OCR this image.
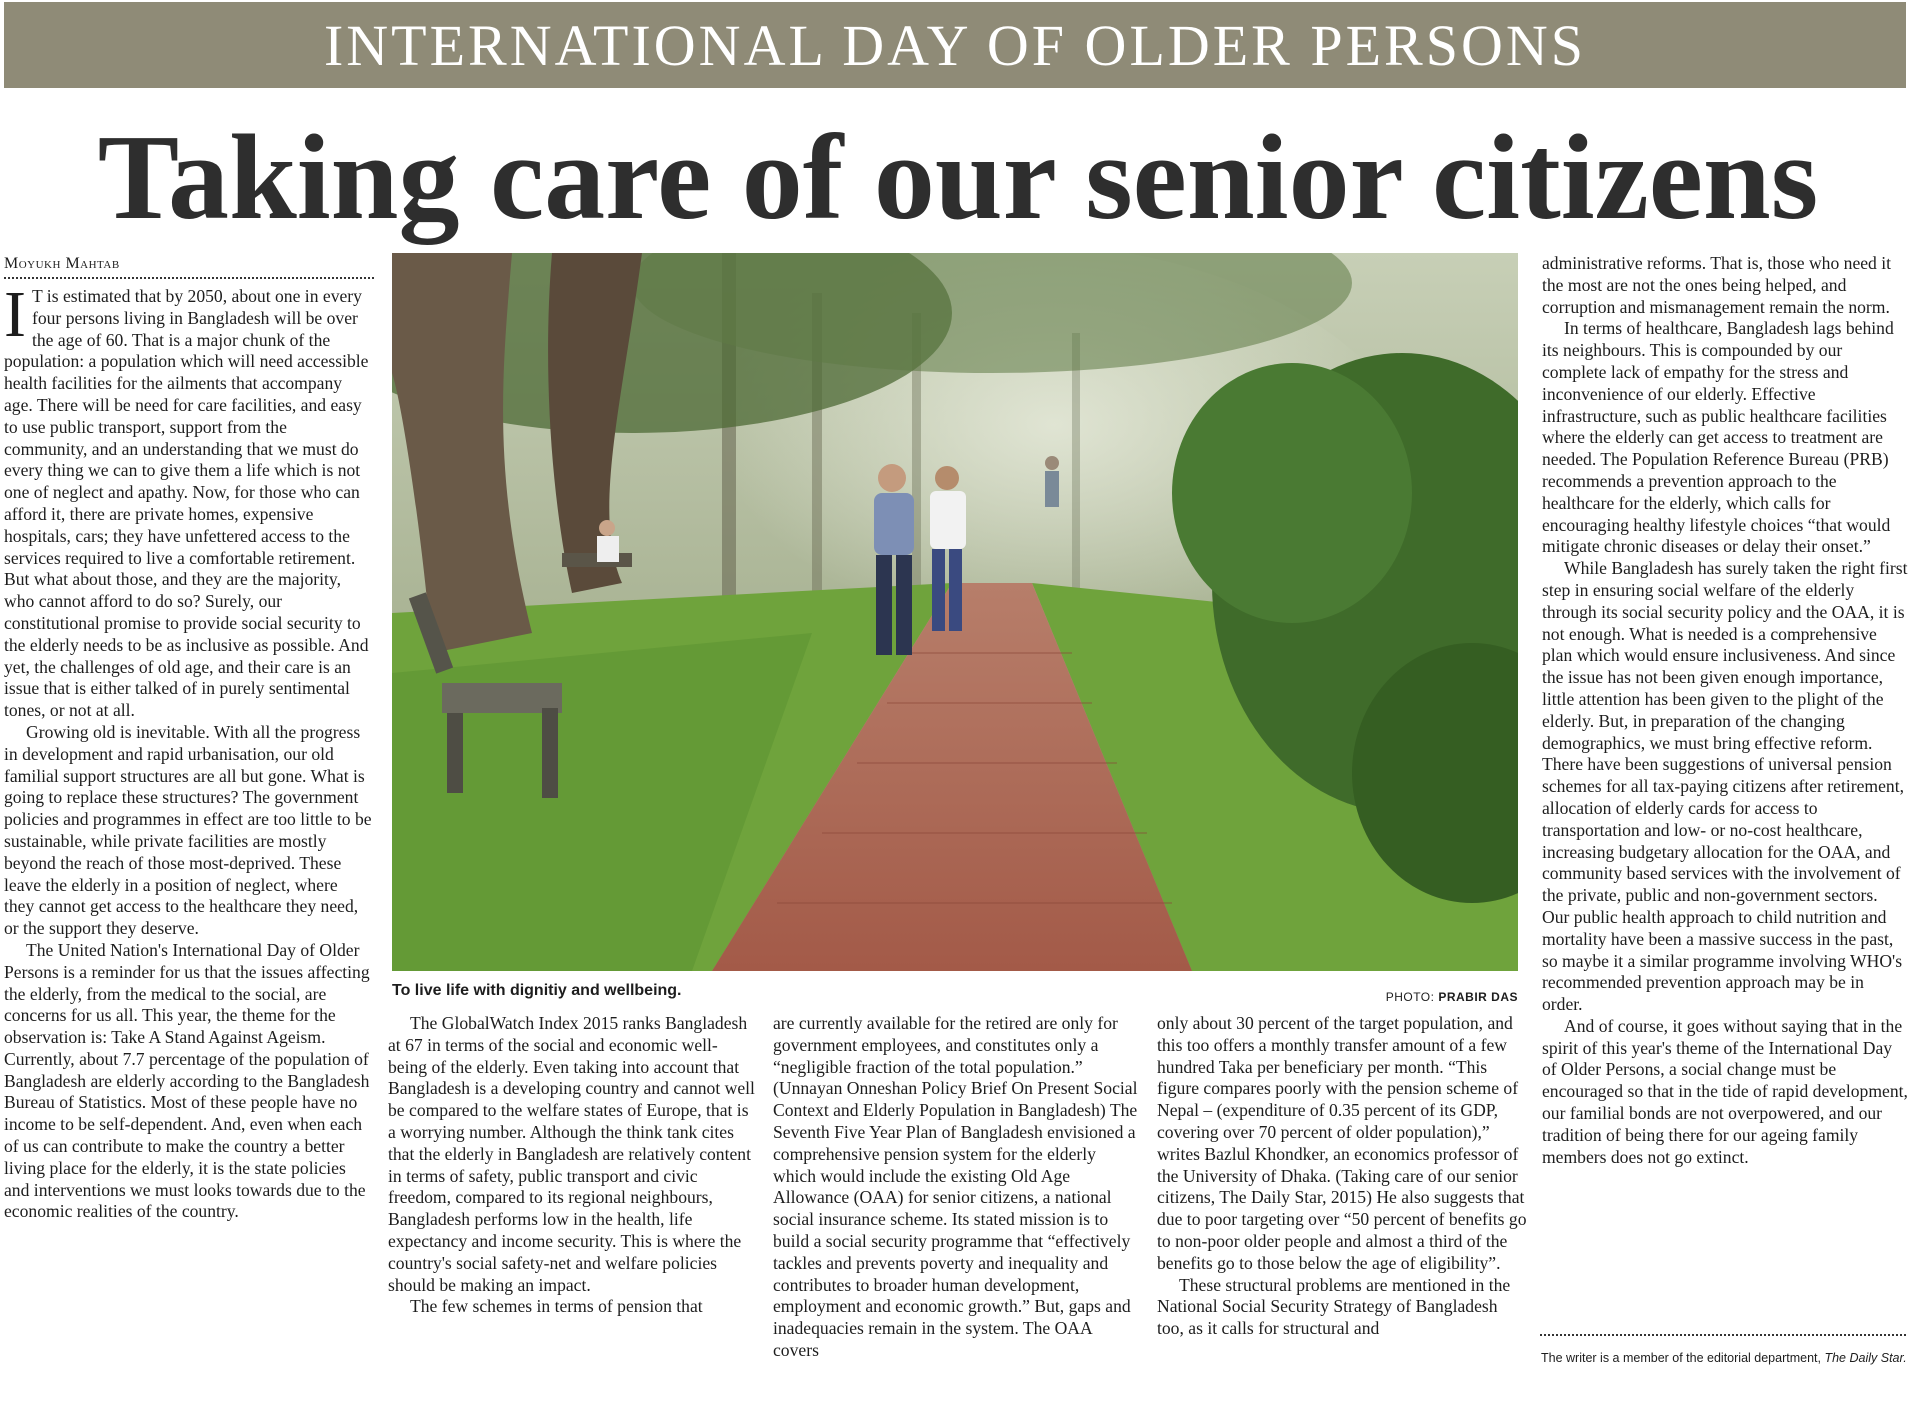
INTERNATIONAL DAY OF OLDER PERSONS
Taking care of our senior citizens
Moyukh Mahtab

I T is estimated that by 2050, about one in every four persons living in Bangladesh will be over the age of 60. That is a major chunk of the population: a population which will need accessible health facilities for the ailments that accompany age. There will be need for care facilities, and easy to use public transport, support from the community, and an understanding that we must do every thing we can to give them a life which is not one of neglect and apathy. Now, for those who can afford it, there are private homes, expensive hospitals, cars; they have unfettered access to the services required to live a comfortable retirement. But what about those, and they are the majority, who cannot afford to do so? Surely, our constitutional promise to provide social security to the elderly needs to be as inclusive as possible. And yet, the challenges of old age, and their care is an issue that is either talked of in purely sentimental tones, or not at all.

Growing old is inevitable. With all the progress in development and rapid urbanisation, our old familial support structures are all but gone. What is going to replace these structures? The government policies and programmes in effect are too little to be sustainable, while private facilities are mostly beyond the reach of those most-deprived. These leave the elderly in a position of neglect, where they cannot get access to the healthcare they need, or the support they deserve.

The United Nation's International Day of Older Persons is a reminder for us that the issues affecting the elderly, from the medical to the social, are concerns for us all. This year, the theme for the observation is: Take A Stand Against Ageism. Currently, about 7.7 percentage of the population of Bangladesh are elderly according to the Bangladesh Bureau of Statistics. Most of these people have no income to be self-dependent. And, even when each of us can contribute to make the country a better living place for the elderly, it is the state policies and interventions we must looks towards due to the economic realities of the country.

To live life with dignitiy and wellbeing.	PHOTO: PRABIR DAS

The GlobalWatch Index 2015 ranks Bangladesh at 67 in terms of the social and economic well-being of the elderly. Even taking into account that Bangladesh is a developing country and cannot well be compared to the welfare states of Europe, that is a worrying number. Although the think tank cites that the elderly in Bangladesh are relatively content in terms of safety, public transport and civic freedom, compared to its regional neighbours, Bangladesh performs low in the health, life expectancy and income security. This is where the country's social safety-net and welfare policies should be making an impact.

The few schemes in terms of pension that

are currently available for the retired are only for government employees, and constitutes only a “negligible fraction of the total population.” (Unnayan Onneshan Policy Brief On Present Social Context and Elderly Population in Bangladesh) The Seventh Five Year Plan of Bangladesh envisioned a comprehensive pension system for the elderly which would include the existing Old Age Allowance (OAA) for senior citizens, a national social insurance scheme. Its stated mission is to build a social security programme that “effectively tackles and prevents poverty and inequality and contributes to broader human development, employment and economic growth.” But, gaps and inadequacies remain in the system. The OAA covers

only about 30 percent of the target population, and this too offers a monthly transfer amount of a few hundred Taka per beneficiary per month. “This figure compares poorly with the pension scheme of Nepal – (expenditure of 0.35 percent of its GDP, covering over 70 percent of older population),” writes Bazlul Khondker, an economics professor of the University of Dhaka. (Taking care of our senior citizens, The Daily Star, 2015) He also suggests that due to poor targeting over “50 percent of benefits go to non-poor older people and almost a third of the benefits go to those below the age of eligibility”.

These structural problems are mentioned in the National Social Security Strategy of Bangladesh too, as it calls for structural and

administrative reforms. That is, those who need it the most are not the ones being helped, and corruption and mismanagement remain the norm.

In terms of healthcare, Bangladesh lags behind its neighbours. This is compounded by our complete lack of empathy for the stress and inconvenience of our elderly. Effective infrastructure, such as public healthcare facilities where the elderly can get access to treatment are needed. The Population Reference Bureau (PRB) recommends a prevention approach to the healthcare for the elderly, which calls for encouraging healthy lifestyle choices “that would mitigate chronic diseases or delay their onset.”

While Bangladesh has surely taken the right first step in ensuring social welfare of the elderly through its social security policy and the OAA, it is not enough. What is needed is a comprehensive plan which would ensure inclusiveness. And since the issue has not been given enough importance, little attention has been given to the plight of the elderly. But, in preparation of the changing demographics, we must bring effective reform. There have been suggestions of universal pension schemes for all tax-paying citizens after retirement, allocation of elderly cards for access to transportation and low- or no-cost healthcare, increasing budgetary allocation for the OAA, and community based services with the involvement of the private, public and non-government sectors. Our public health approach to child nutrition and mortality have been a massive success in the past, so maybe it a similar programme involving WHO's recommended prevention approach may be in order.

And of course, it goes without saying that in the spirit of this year's theme of the International Day of Older Persons, a social change must be encouraged so that in the tide of rapid development, our familial bonds are not overpowered, and our tradition of being there for our ageing family members does not go extinct.

The writer is a member of the editorial department, The Daily Star.
